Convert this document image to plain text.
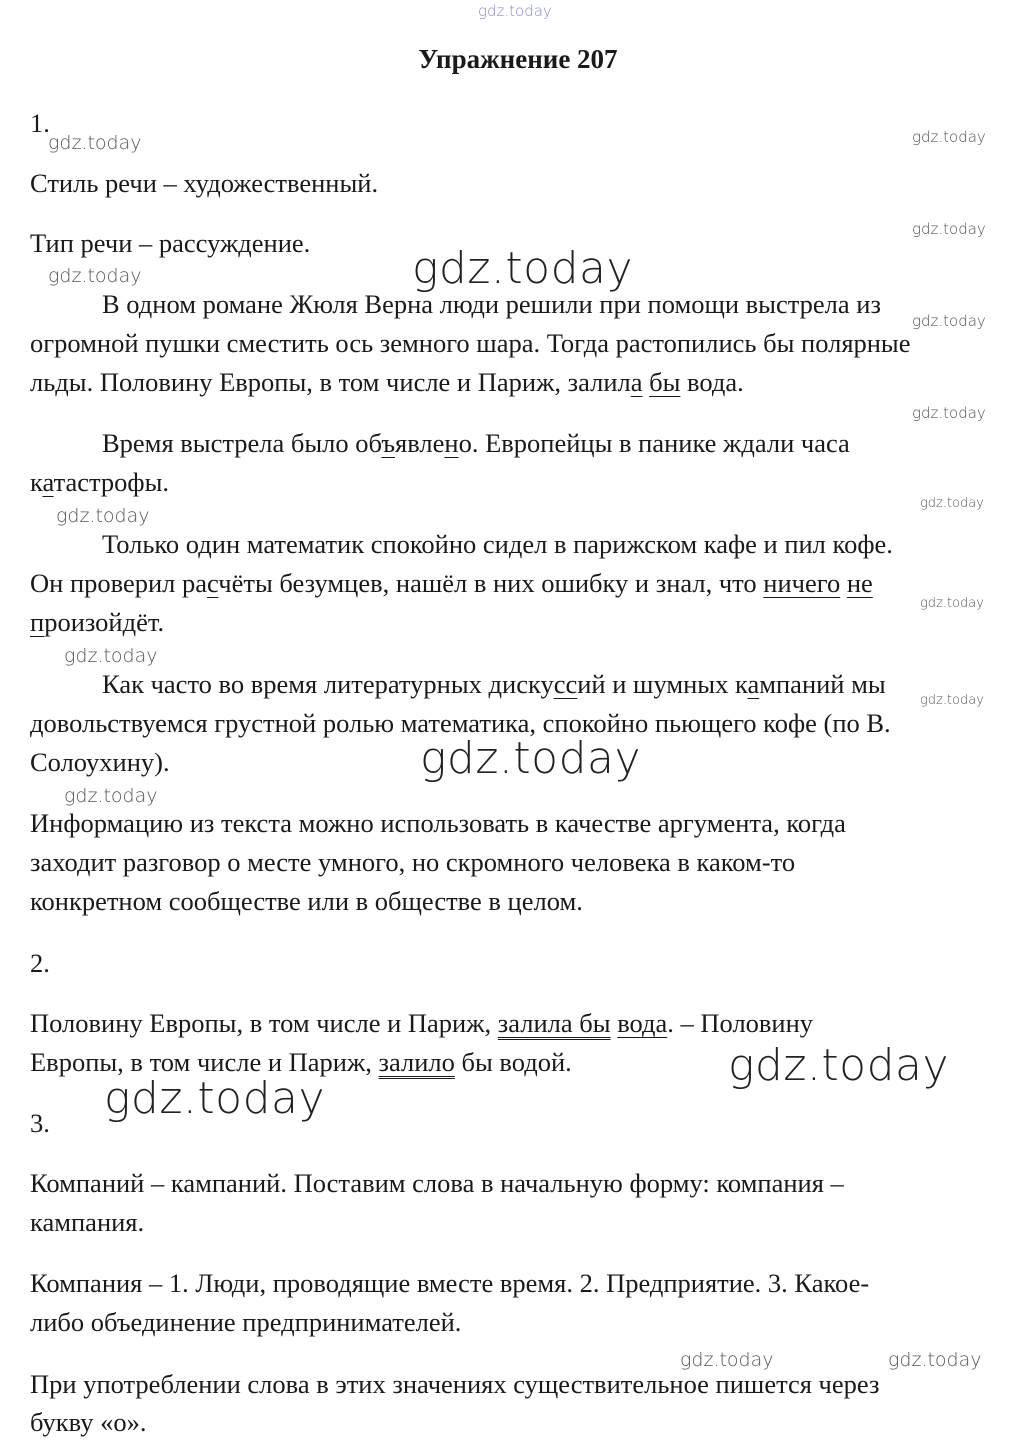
gdz.today
gdz.today	gdz.today
gdz.today
gdz.today	gdz.today
gdz.today
gdz.today
gdz.today
gdz.today
gdz.today
gdz.today
gdz.today
gdz.today
gdz.today
gdz.today
gdz.today
gdz.today	gdz.today
Упражнение 207
1.
Стиль речи – художественный.
Тип речи – рассуждение.
В одном романе Жюля Верна люди решили при помощи выстрела из
огромной пушки сместить ось земного шара. Тогда растопились бы полярные
льды. Половину Европы, в том числе и Париж, залила бы вода.
Время выстрела было объявлено. Европейцы в панике ждали часа
катастрофы.
Только один математик спокойно сидел в парижском кафе и пил кофе.
Он проверил расчёты безумцев, нашёл в них ошибку и знал, что ничего не
произойдёт.
Как часто во время литературных дискуссий и шумных кампаний мы
довольствуемся грустной ролью математика, спокойно пьющего кофе (по В.
Солоухину).
Информацию из текста можно использовать в качестве аргумента, когда
заходит разговор о месте умного, но скромного человека в каком-то
конкретном сообществе или в обществе в целом.
2.
Половину Европы, в том числе и Париж, залила бы вода. – Половину
Европы, в том числе и Париж, залило бы водой.
3.
Компаний – кампаний. Поставим слова в начальную форму: компания –
кампания.
Компания – 1. Люди, проводящие вместе время. 2. Предприятие. 3. Какое-
либо объединение предпринимателей.
При употреблении слова в этих значениях существительное пишется через
букву «о».
